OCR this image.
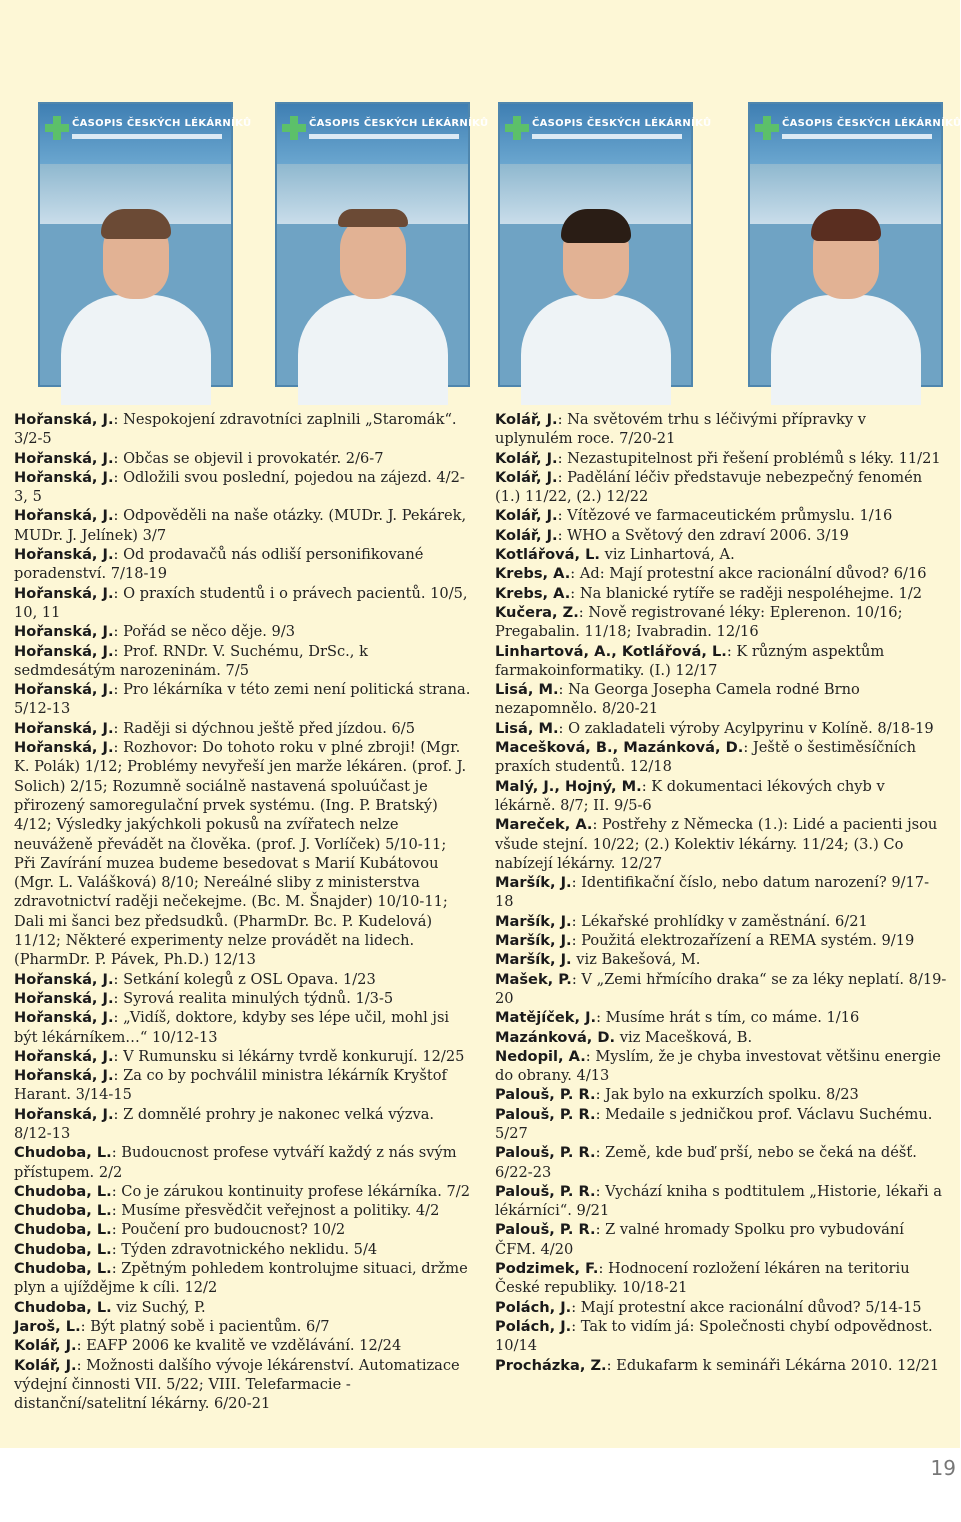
ČASOPIS ČESKÝCH LÉKÁRNÍKŮ	ČASOPIS ČESKÝCH LÉKÁRNÍKŮ	ČASOPIS ČESKÝCH LÉKÁRNÍKŮ	ČASOPIS ČESKÝCH LÉKÁRNÍKŮ

Hořanská, J.: Nespokojení zdravotníci zaplnili „Staromák“. 3/2-5

Hořanská, J.: Občas se objevil i provokatér. 2/6-7

Hořanská, J.: Odložili svou poslední, pojedou na zájezd. 4/2-3, 5

Hořanská, J.: Odpověděli na naše otázky. (MUDr. J. Pekárek, MUDr. J. Jelínek) 3/7

Hořanská, J.: Od prodavačů nás odliší personifikované poradenství. 7/18-19

Hořanská, J.: O praxích studentů i o právech pacientů. 10/5, 10, 11

Hořanská, J.: Pořád se něco děje. 9/3

Hořanská, J.: Prof. RNDr. V. Suchému, DrSc., k sedmdesátým narozeninám. 7/5

Hořanská, J.: Pro lékárníka v této zemi není politická strana. 5/12-13

Hořanská, J.: Raději si dýchnou ještě před jízdou. 6/5

Hořanská, J.: Rozhovor: Do tohoto roku v plné zbroji! (Mgr. K. Polák) 1/12; Problémy nevyřeší jen marže lékáren. (prof. J. Solich) 2/15; Rozumně sociálně nastavená spoluúčast je přirozený samoregulační prvek systému. (Ing. P. Bratský) 4/12; Výsledky jakýchkoli pokusů na zvířatech nelze neuváženě převádět na člověka. (prof. J. Vorlíček) 5/10-11; Při Zavírání muzea budeme besedovat s Marií Kubátovou (Mgr. L. Valášková) 8/10; Nereálné sliby z ministerstva zdravotnictví raději nečekejme. (Bc. M. Šnajder) 10/10-11; Dali mi šanci bez předsudků. (PharmDr. Bc. P. Kudelová) 11/12; Některé experimenty nelze provádět na lidech. (PharmDr. P. Pávek, Ph.D.) 12/13

Hořanská, J.: Setkání kolegů z OSL Opava. 1/23

Hořanská, J.: Syrová realita minulých týdnů. 1/3-5

Hořanská, J.: „Vidíš, doktore, kdyby ses lépe učil, mohl jsi být lékárníkem…“ 10/12-13

Hořanská, J.: V Rumunsku si lékárny tvrdě konkurují. 12/25

Hořanská, J.: Za co by pochválil ministra lékárník Kryštof Harant. 3/14-15

Hořanská, J.: Z domnělé prohry je nakonec velká výzva. 8/12-13

Chudoba, L.: Budoucnost profese vytváří každý z nás svým přístupem. 2/2

Chudoba, L.: Co je zárukou kontinuity profese lékárníka. 7/2

Chudoba, L.: Musíme přesvědčit veřejnost a politiky. 4/2

Chudoba, L.: Poučení pro budoucnost? 10/2

Chudoba, L.: Týden zdravotnického neklidu. 5/4

Chudoba, L.: Zpětným pohledem kontrolujme situaci, držme plyn a ujíždějme k cíli. 12/2

Chudoba, L. viz Suchý, P.

Jaroš, L.: Být platný sobě i pacientům. 6/7

Kolář, J.: EAFP 2006 ke kvalitě ve vzdělávání. 12/24

Kolář, J.: Možnosti dalšího vývoje lékárenství. Automatizace výdejní činnosti VII. 5/22; VIII. Telefarmacie - distanční/satelitní lékárny. 6/20-21

Kolář, J.: Na světovém trhu s léčivými přípravky v uplynulém roce. 7/20-21

Kolář, J.: Nezastupitelnost při řešení problémů s léky. 11/21

Kolář, J.: Padělání léčiv představuje nebezpečný fenomén (1.) 11/22, (2.) 12/22

Kolář, J.: Vítězové ve farmaceutickém průmyslu. 1/16

Kolář, J.: WHO a Světový den zdraví 2006. 3/19

Kotlářová, L. viz Linhartová, A.

Krebs, A.: Ad: Mají protestní akce racionální důvod? 6/16

Krebs, A.: Na blanické rytíře se raději nespoléhejme. 1/2

Kučera, Z.: Nově registrované léky: Eplerenon. 10/16; Pregabalin. 11/18; Ivabradin. 12/16

Linhartová, A., Kotlářová, L.: K různým aspektům farmakoinformatiky. (I.) 12/17

Lisá, M.: Na Georga Josepha Camela rodné Brno nezapomnělo. 8/20-21

Lisá, M.: O zakladateli výroby Acylpyrinu v Kolíně. 8/18-19

Macešková, B., Mazánková, D.: Ještě o šestiměsíčních praxích studentů. 12/18

Malý, J., Hojný, M.: K dokumentaci lékových chyb v lékárně. 8/7; II. 9/5-6

Mareček, A.: Postřehy z Německa (1.): Lidé a pacienti jsou všude stejní. 10/22; (2.) Kolektiv lékárny. 11/24; (3.) Co nabízejí lékárny. 12/27

Maršík, J.: Identifikační číslo, nebo datum narození? 9/17-18

Maršík, J.: Lékařské prohlídky v zaměstnání. 6/21

Maršík, J.: Použitá elektrozařízení a REMA systém. 9/19

Maršík, J. viz Bakešová, M.

Mašek, P.: V „Zemi hřmícího draka“ se za léky neplatí. 8/19-20

Matějíček, J.: Musíme hrát s tím, co máme. 1/16

Mazánková, D. viz Macešková, B.

Nedopil, A.: Myslím, že je chyba investovat většinu energie do obrany. 4/13

Palouš, P. R.: Jak bylo na exkurzích spolku. 8/23

Palouš, P. R.: Medaile s jedničkou prof. Václavu Suchému. 5/27

Palouš, P. R.: Země, kde buď prší, nebo se čeká na déšť. 6/22-23

Palouš, P. R.: Vychází kniha s podtitulem „Historie, lékaři a lékárníci“. 9/21

Palouš, P. R.: Z valné hromady Spolku pro vybudování ČFM. 4/20

Podzimek, F.: Hodnocení rozložení lékáren na teritoriu České republiky. 10/18-21

Polách, J.: Mají protestní akce racionální důvod? 5/14-15

Polách, J.: Tak to vidím já: Společnosti chybí odpovědnost. 10/14

Procházka, Z.: Edukafarm k semináři Lékárna 2010. 12/21

19
